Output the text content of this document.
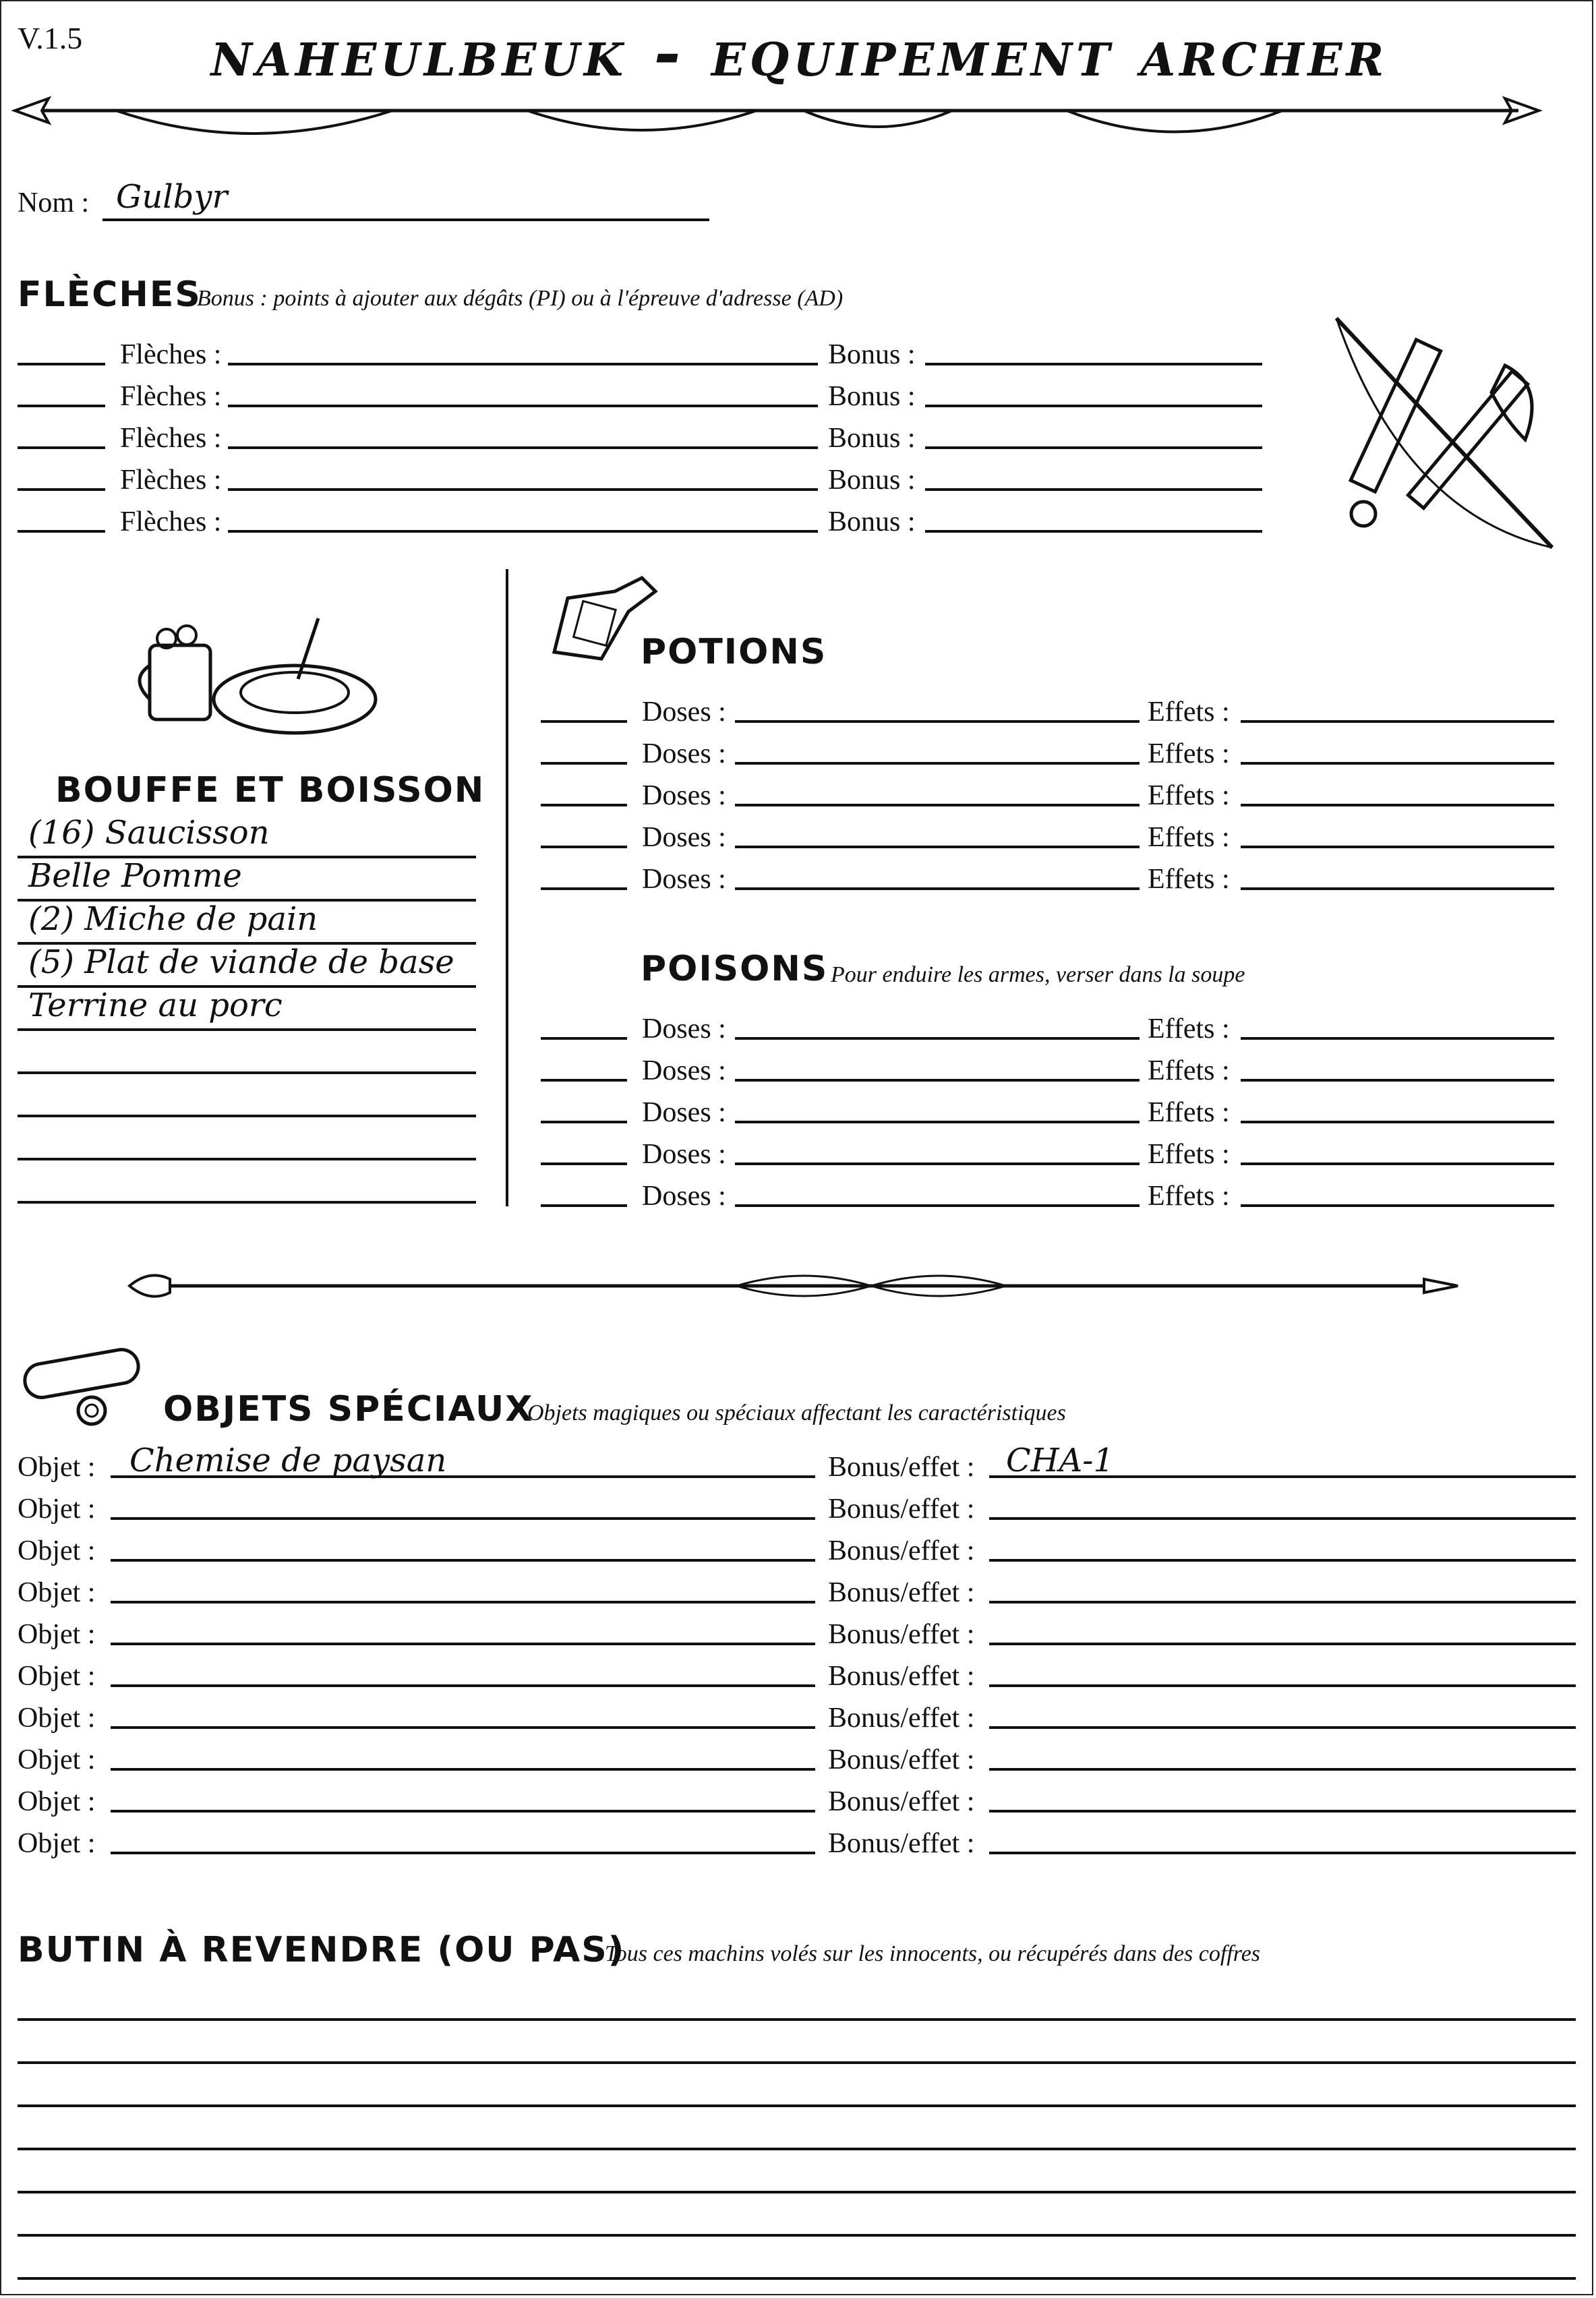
V.1.5	naheulbeuk - equipement archer
Nom : Gulbyr
FLÈCHES
Bonus : points à ajouter aux dégâts (PI) ou à l'épreuve d'adresse (AD)
Flèches :	Bonus :
Flèches :	Bonus :
Flèches :	Bonus :
Flèches :	Bonus :
Flèches :	Bonus :
BOUFFE ET BOISSON
(16) Saucisson
Belle Pomme
(2) Miche de pain
(5) Plat de viande de base
Terrine au porc
POTIONS
Doses :	Effets :
Doses :	Effets :
Doses :	Effets :
Doses :	Effets :
Doses :	Effets :
POISONS Pour enduire les armes, verser dans la soupe
Doses :	Effets :
Doses :	Effets :
Doses :	Effets :
Doses :	Effets :
Doses :	Effets :
OBJETS SPÉCIAUX
Objets magiques ou spéciaux affectant les caractéristiques
Objet : Chemise de paysan	Bonus/effet : CHA-1
Objet :	Bonus/effet :
Objet :	Bonus/effet :
Objet :	Bonus/effet :
Objet :	Bonus/effet :
Objet :	Bonus/effet :
Objet :	Bonus/effet :
Objet :	Bonus/effet :
Objet :	Bonus/effet :
Objet :	Bonus/effet :
BUTIN À REVENDRE (OU PAS)
Tous ces machins volés sur les innocents, ou récupérés dans des coffres
